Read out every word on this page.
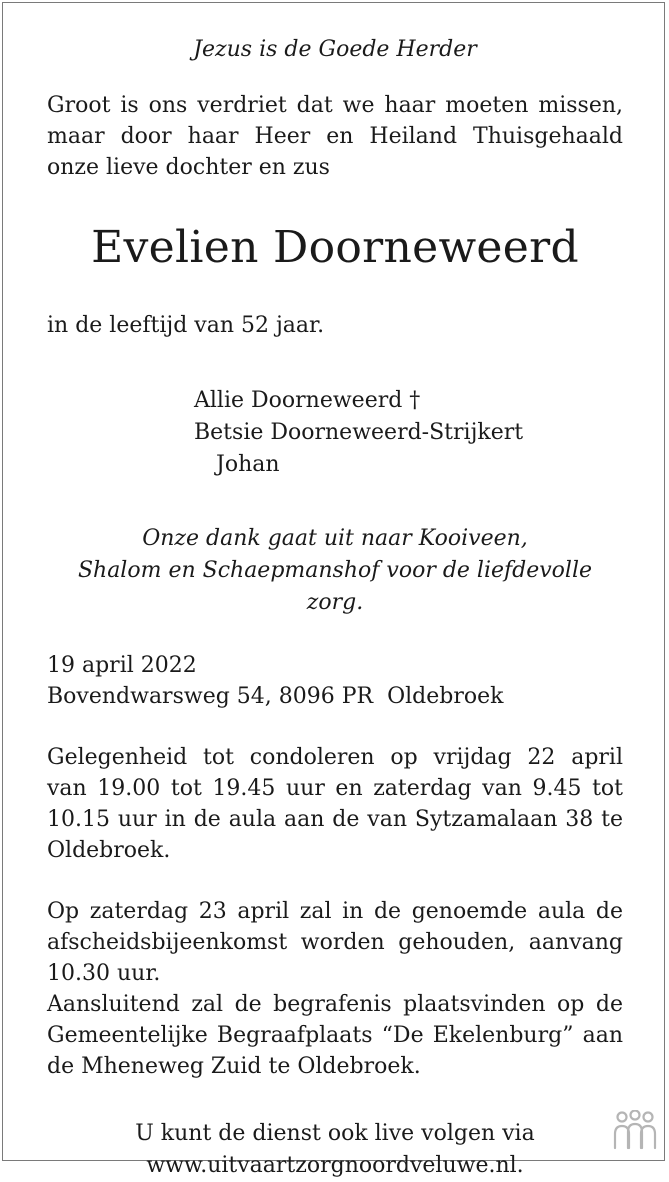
Jezus is de Goede Herder

Groot is ons verdriet dat we haar moeten missen,
maar door haar Heer en Heiland Thuisgehaald
onze lieve dochter en zus

Evelien Doorneweerd

in de leeftijd van 52 jaar.

Allie Doorneweerd †
Betsie Doorneweerd-Strijkert
Johan

Onze dank gaat uit naar Kooiveen,
Shalom en Schaepmanshof voor de liefdevolle zorg.

19 april 2022
Bovendwarsweg 54, 8096 PR  Oldebroek

Gelegenheid tot condoleren op vrijdag 22 april
van 19.00 tot 19.45 uur en zaterdag van 9.45 tot
10.15 uur in de aula aan de van Sytzamalaan 38 te
Oldebroek.

Op zaterdag 23 april zal in de genoemde aula de
afscheidsbijeenkomst worden gehouden, aanvang
10.30 uur.
Aansluitend zal de begrafenis plaatsvinden op de
Gemeentelijke Begraafplaats “De Ekelenburg” aan
de Mheneweg Zuid te Oldebroek.

U kunt de dienst ook live volgen via
www.uitvaartzorgnoordveluwe.nl.
